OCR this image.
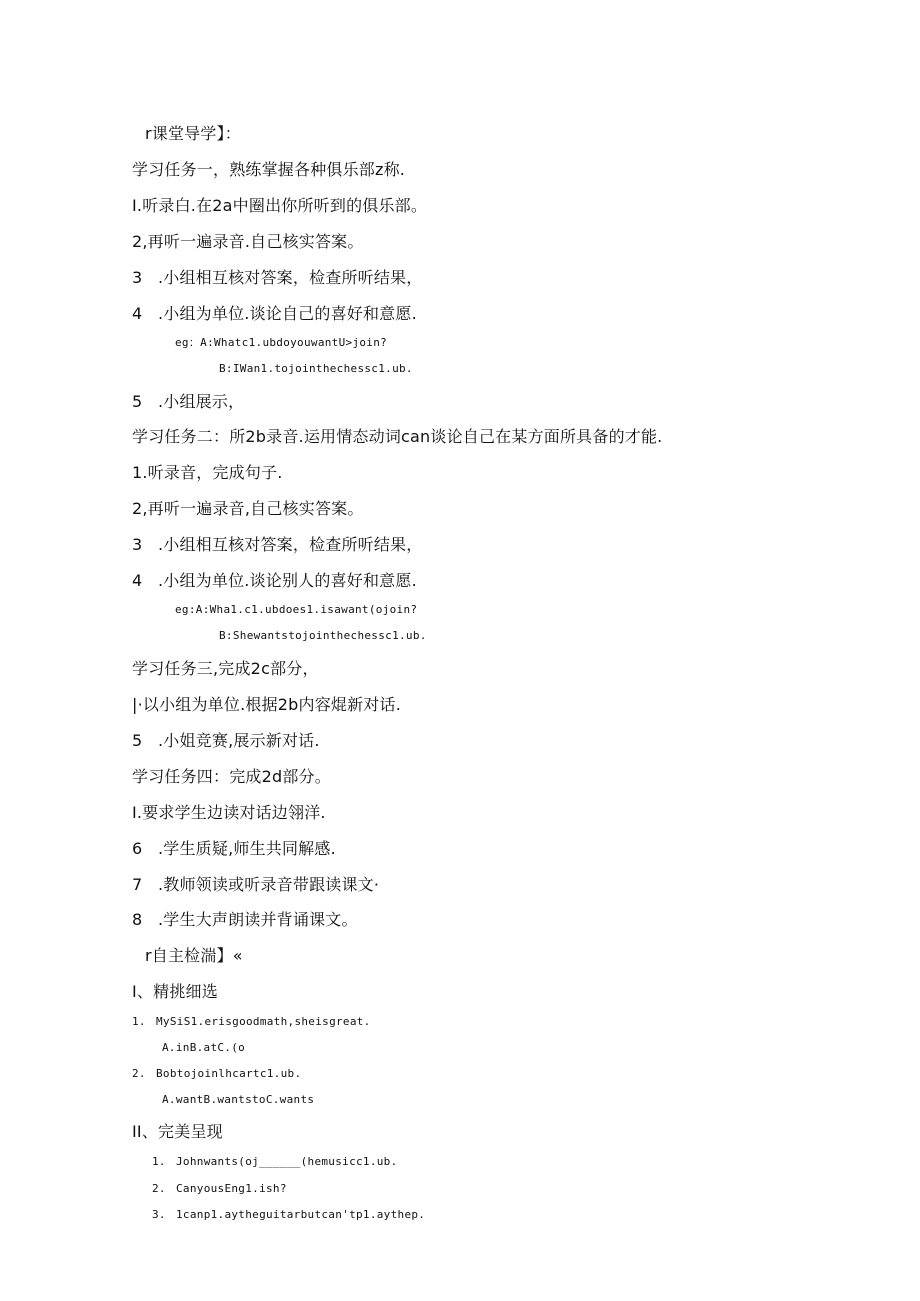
r课堂导学】：
学习任务一，熟练掌握各种俱乐部z称.
I.听录白.在2a中圈出你所听到的俱乐部。
2,再听一遍录音.自己核实答案。
3 .小组相互核对答案，检查所听结果，
4 .小组为单位.谈论自己的喜好和意愿.
eg：A:Whatc1.ubdoyouwantU>join?
B:IWan1.tojointhechessc1.ub.
5 .小组展示，
学习任务二：所2b录音.运用情态动词can谈论自己在某方面所具备的才能.
1.听录音，完成句子.
2,再听一遍录音,自己核实答案。
3 .小组相互核对答案，检查所听结果，
4 .小组为单位.谈论别人的喜好和意愿.
eg:A:Wha1.c1.ubdoes1.isawant(ojoin?
B:Shewantstojointhechessc1.ub.
学习任务三,完成2c部分，
|·以小组为单位.根据2b内容焜新对话.
5 .小姐竞赛,展示新对话.
学习任务四：完成2d部分。
I.要求学生边读对话边翎洋.
6 .学生质疑,师生共同解感.
7 .教师领读或听录音带跟读课文·
8 .学生大声朗读并背诵课文。
r自主检湍】«
I、精挑细选
1. MySiS1.erisgoodmath,sheisgreat.
A.inB.atC.(o
2. Bobtojoinlhcartc1.ub.
A.wantB.wantstoC.wants
II、完美呈现
1. Johnwants(oj______(hemusicc1.ub.
2. CanyousEng1.ish?
3. 1canp1.aytheguitarbutcan'tp1.aythep.
